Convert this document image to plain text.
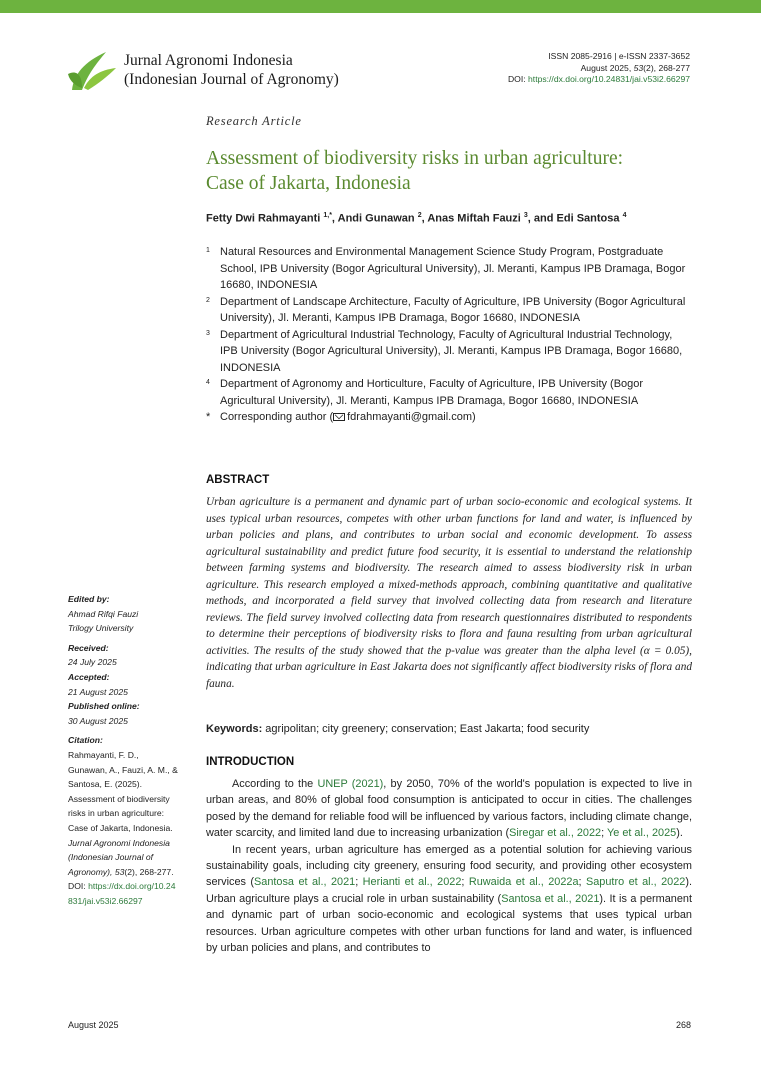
Jurnal Agronomi Indonesia
(Indonesian Journal of Agronomy)
ISSN 2085-2916 | e-ISSN 2337-3652
August 2025, 53(2), 268-277
DOI: https://dx.doi.org/10.24831/jai.v53i2.66297
Research Article
Assessment of biodiversity risks in urban agriculture:
Case of Jakarta, Indonesia
Fetty Dwi Rahmayanti $^{1,*}$, Andi Gunawan $^2$, Anas Miftah Fauzi $^3$, and Edi Santosa $^4$
1 Natural Resources and Environmental Management Science Study Program, Postgraduate School, IPB University (Bogor Agricultural University), Jl. Meranti, Kampus IPB Dramaga, Bogor 16680, INDONESIA
2 Department of Landscape Architecture, Faculty of Agriculture, IPB University (Bogor Agricultural University), Jl. Meranti, Kampus IPB Dramaga, Bogor 16680, INDONESIA
3 Department of Agricultural Industrial Technology, Faculty of Agricultural Industrial Technology, IPB University (Bogor Agricultural University), Jl. Meranti, Kampus IPB Dramaga, Bogor 16680, INDONESIA
4 Department of Agronomy and Horticulture, Faculty of Agriculture, IPB University (Bogor Agricultural University), Jl. Meranti, Kampus IPB Dramaga, Bogor 16680, INDONESIA
* Corresponding author ( fdrahmayanti@gmail.com)
ABSTRACT

Urban agriculture is a permanent and dynamic part of urban socio-economic and ecological systems. It uses typical urban resources, competes with other urban functions for land and water, is influenced by urban policies and plans, and contributes to urban social and economic development. To assess agricultural sustainability and predict future food security, it is essential to understand the relationship between farming systems and biodiversity. The research aimed to assess biodiversity risk in urban agriculture. This research employed a mixed-methods approach, combining quantitative and qualitative methods, and incorporated a field survey that involved collecting data from research and literature reviews. The field survey involved collecting data from research questionnaires distributed to respondents to determine their perceptions of biodiversity risks to flora and fauna resulting from urban agricultural activities. The results of the study showed that the p-value was greater than the alpha level (α = 0.05), indicating that urban agriculture in East Jakarta does not significantly affect biodiversity risks of flora and fauna.

Keywords: agripolitan; city greenery; conservation; East Jakarta; food security
INTRODUCTION

According to the UNEP (2021), by 2050, 70% of the world's population is expected to live in urban areas, and 80% of global food consumption is anticipated to occur in cities. The challenges posed by the demand for reliable food will be influenced by various factors, including climate change, water scarcity, and limited land due to increasing urbanization (Siregar et al., 2022; Ye et al., 2025).

In recent years, urban agriculture has emerged as a potential solution for achieving various sustainability goals, including city greenery, ensuring food security, and providing other ecosystem services (Santosa et al., 2021; Herianti et al., 2022; Ruwaida et al., 2022a; Saputro et al., 2022). Urban agriculture plays a crucial role in urban sustainability (Santosa et al., 2021). It is a permanent and dynamic part of urban socio-economic and ecological systems that uses typical urban resources. Urban agriculture competes with other urban functions for land and water, is influenced by urban policies and plans, and contributes to

Edited by:
Ahmad Rifqi Fauzi
Trilogy University
Received:
24 July 2025
Accepted:
21 August 2025
Published online:
30 August 2025
Citation:
Rahmayanti, F. D., Gunawan, A., Fauzi, A. M., & Santosa, E. (2025). Assessment of biodiversity risks in urban agriculture: Case of Jakarta, Indonesia. Jurnal Agronomi Indonesia (Indonesian Journal of Agronomy), 53(2), 268-277. DOI: https://dx.doi.org/10.24831/jai.v53i2.66297
August 2025	268
